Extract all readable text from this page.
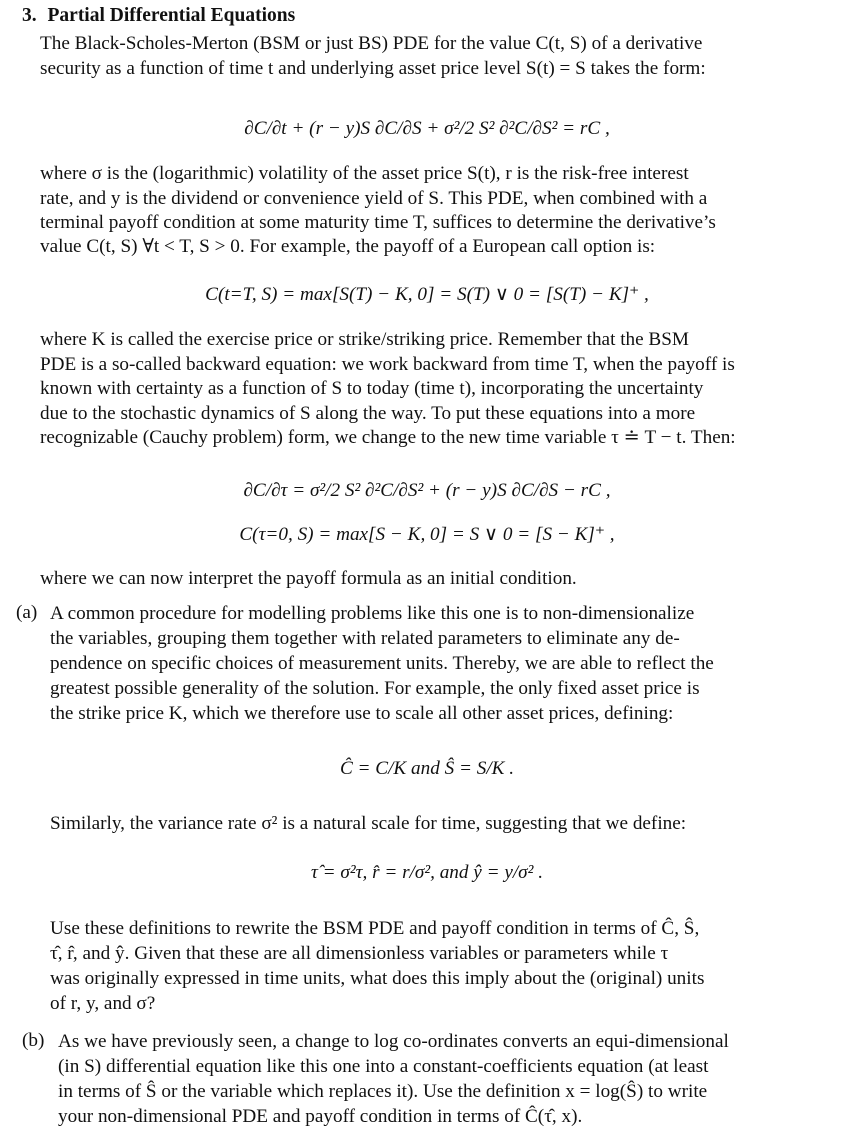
3. Partial Differential Equations
The Black-Scholes-Merton (BSM or just BS) PDE for the value C(t, S) of a derivative
security as a function of time t and underlying asset price level S(t) = S takes the form:
∂C/∂t + (r − y)S ∂C/∂S + σ²/2 S² ∂²C/∂S² = rC ,
where σ is the (logarithmic) volatility of the asset price S(t), r is the risk-free interest
rate, and y is the dividend or convenience yield of S. This PDE, when combined with a
terminal payoff condition at some maturity time T, suffices to determine the derivative’s
value C(t, S) ∀t < T, S > 0. For example, the payoff of a European call option is:
C(t=T, S) = max[S(T) − K, 0] = S(T) ∨ 0 = [S(T) − K]⁺ ,
where K is called the exercise price or strike/striking price. Remember that the BSM
PDE is a so-called backward equation: we work backward from time T, when the payoff is
known with certainty as a function of S to today (time t), incorporating the uncertainty
due to the stochastic dynamics of S along the way. To put these equations into a more
recognizable (Cauchy problem) form, we change to the new time variable τ ≐ T − t. Then:
∂C/∂τ = σ²/2 S² ∂²C/∂S² + (r − y)S ∂C/∂S − rC ,
C(τ=0, S) = max[S − K, 0] = S ∨ 0 = [S − K]⁺ ,
where we can now interpret the payoff formula as an initial condition.
(a) A common procedure for modelling problems like this one is to non-dimensionalize
the variables, grouping them together with related parameters to eliminate any de-
pendence on specific choices of measurement units. Thereby, we are able to reflect the
greatest possible generality of the solution. For example, the only fixed asset price is
the strike price K, which we therefore use to scale all other asset prices, defining:
Ĉ = C/K and Ŝ = S/K .
Similarly, the variance rate σ² is a natural scale for time, suggesting that we define:
τ̂ = σ²τ, r̂ = r/σ², and ŷ = y/σ² .
Use these definitions to rewrite the BSM PDE and payoff condition in terms of Ĉ, Ŝ,
τ̂, r̂, and ŷ. Given that these are all dimensionless variables or parameters while τ
was originally expressed in time units, what does this imply about the (original) units
of r, y, and σ?
(b) As we have previously seen, a change to log co-ordinates converts an equi-dimensional
(in S) differential equation like this one into a constant-coefficients equation (at least
in terms of Ŝ or the variable which replaces it). Use the definition x = log(Ŝ) to write
your non-dimensional PDE and payoff condition in terms of Ĉ(τ̂, x).
